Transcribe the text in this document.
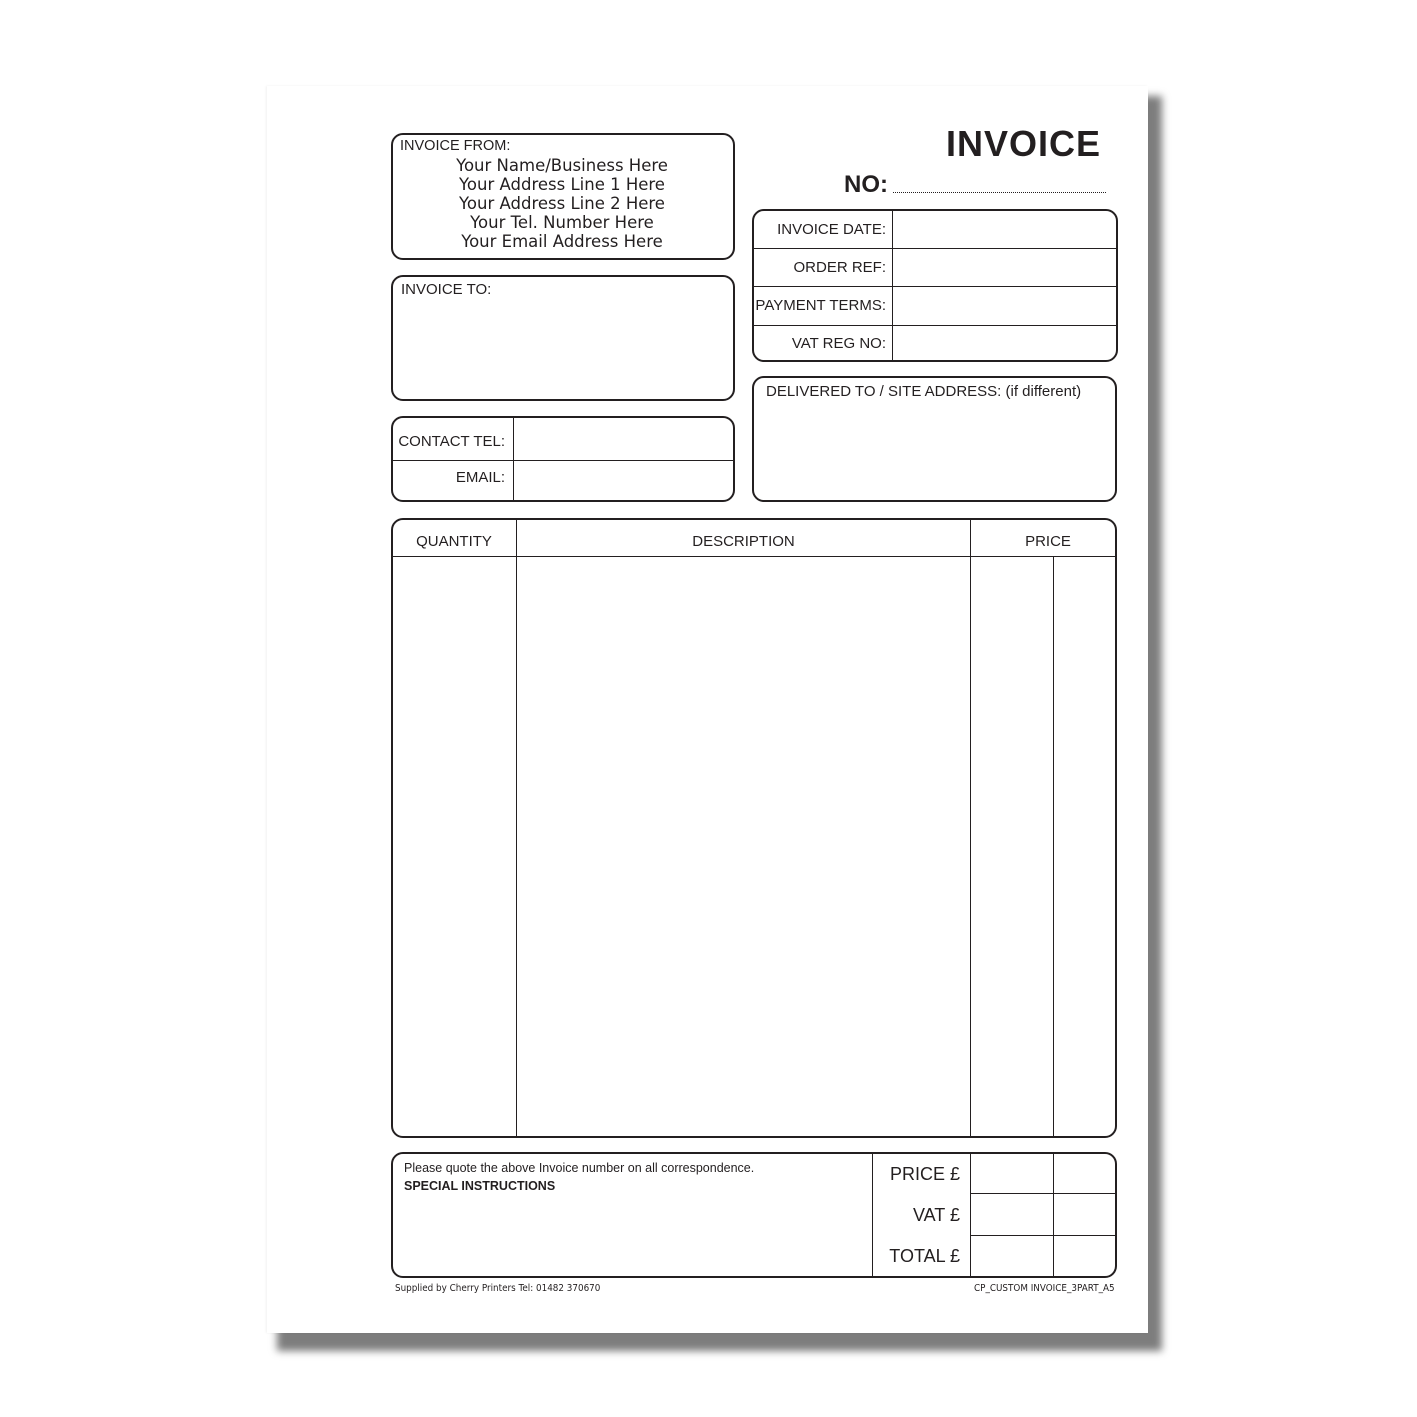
INVOICE
NO:
INVOICE FROM:
Your Name/Business Here
Your Address Line 1 Here
Your Address Line 2 Here
Your Tel. Number Here
Your Email Address Here
INVOICE TO:
CONTACT TEL:
EMAIL:
INVOICE DATE:
ORDER REF:
PAYMENT TERMS:
VAT REG NO:
DELIVERED TO / SITE ADDRESS: (if different)
QUANTITY	DESCRIPTION	PRICE
Please quote the above Invoice number on all correspondence.
SPECIAL INSTRUCTIONS
PRICE £
VAT £
TOTAL £
Supplied by Cherry Printers Tel: 01482 370670	CP_CUSTOM INVOICE_3PART_A5
